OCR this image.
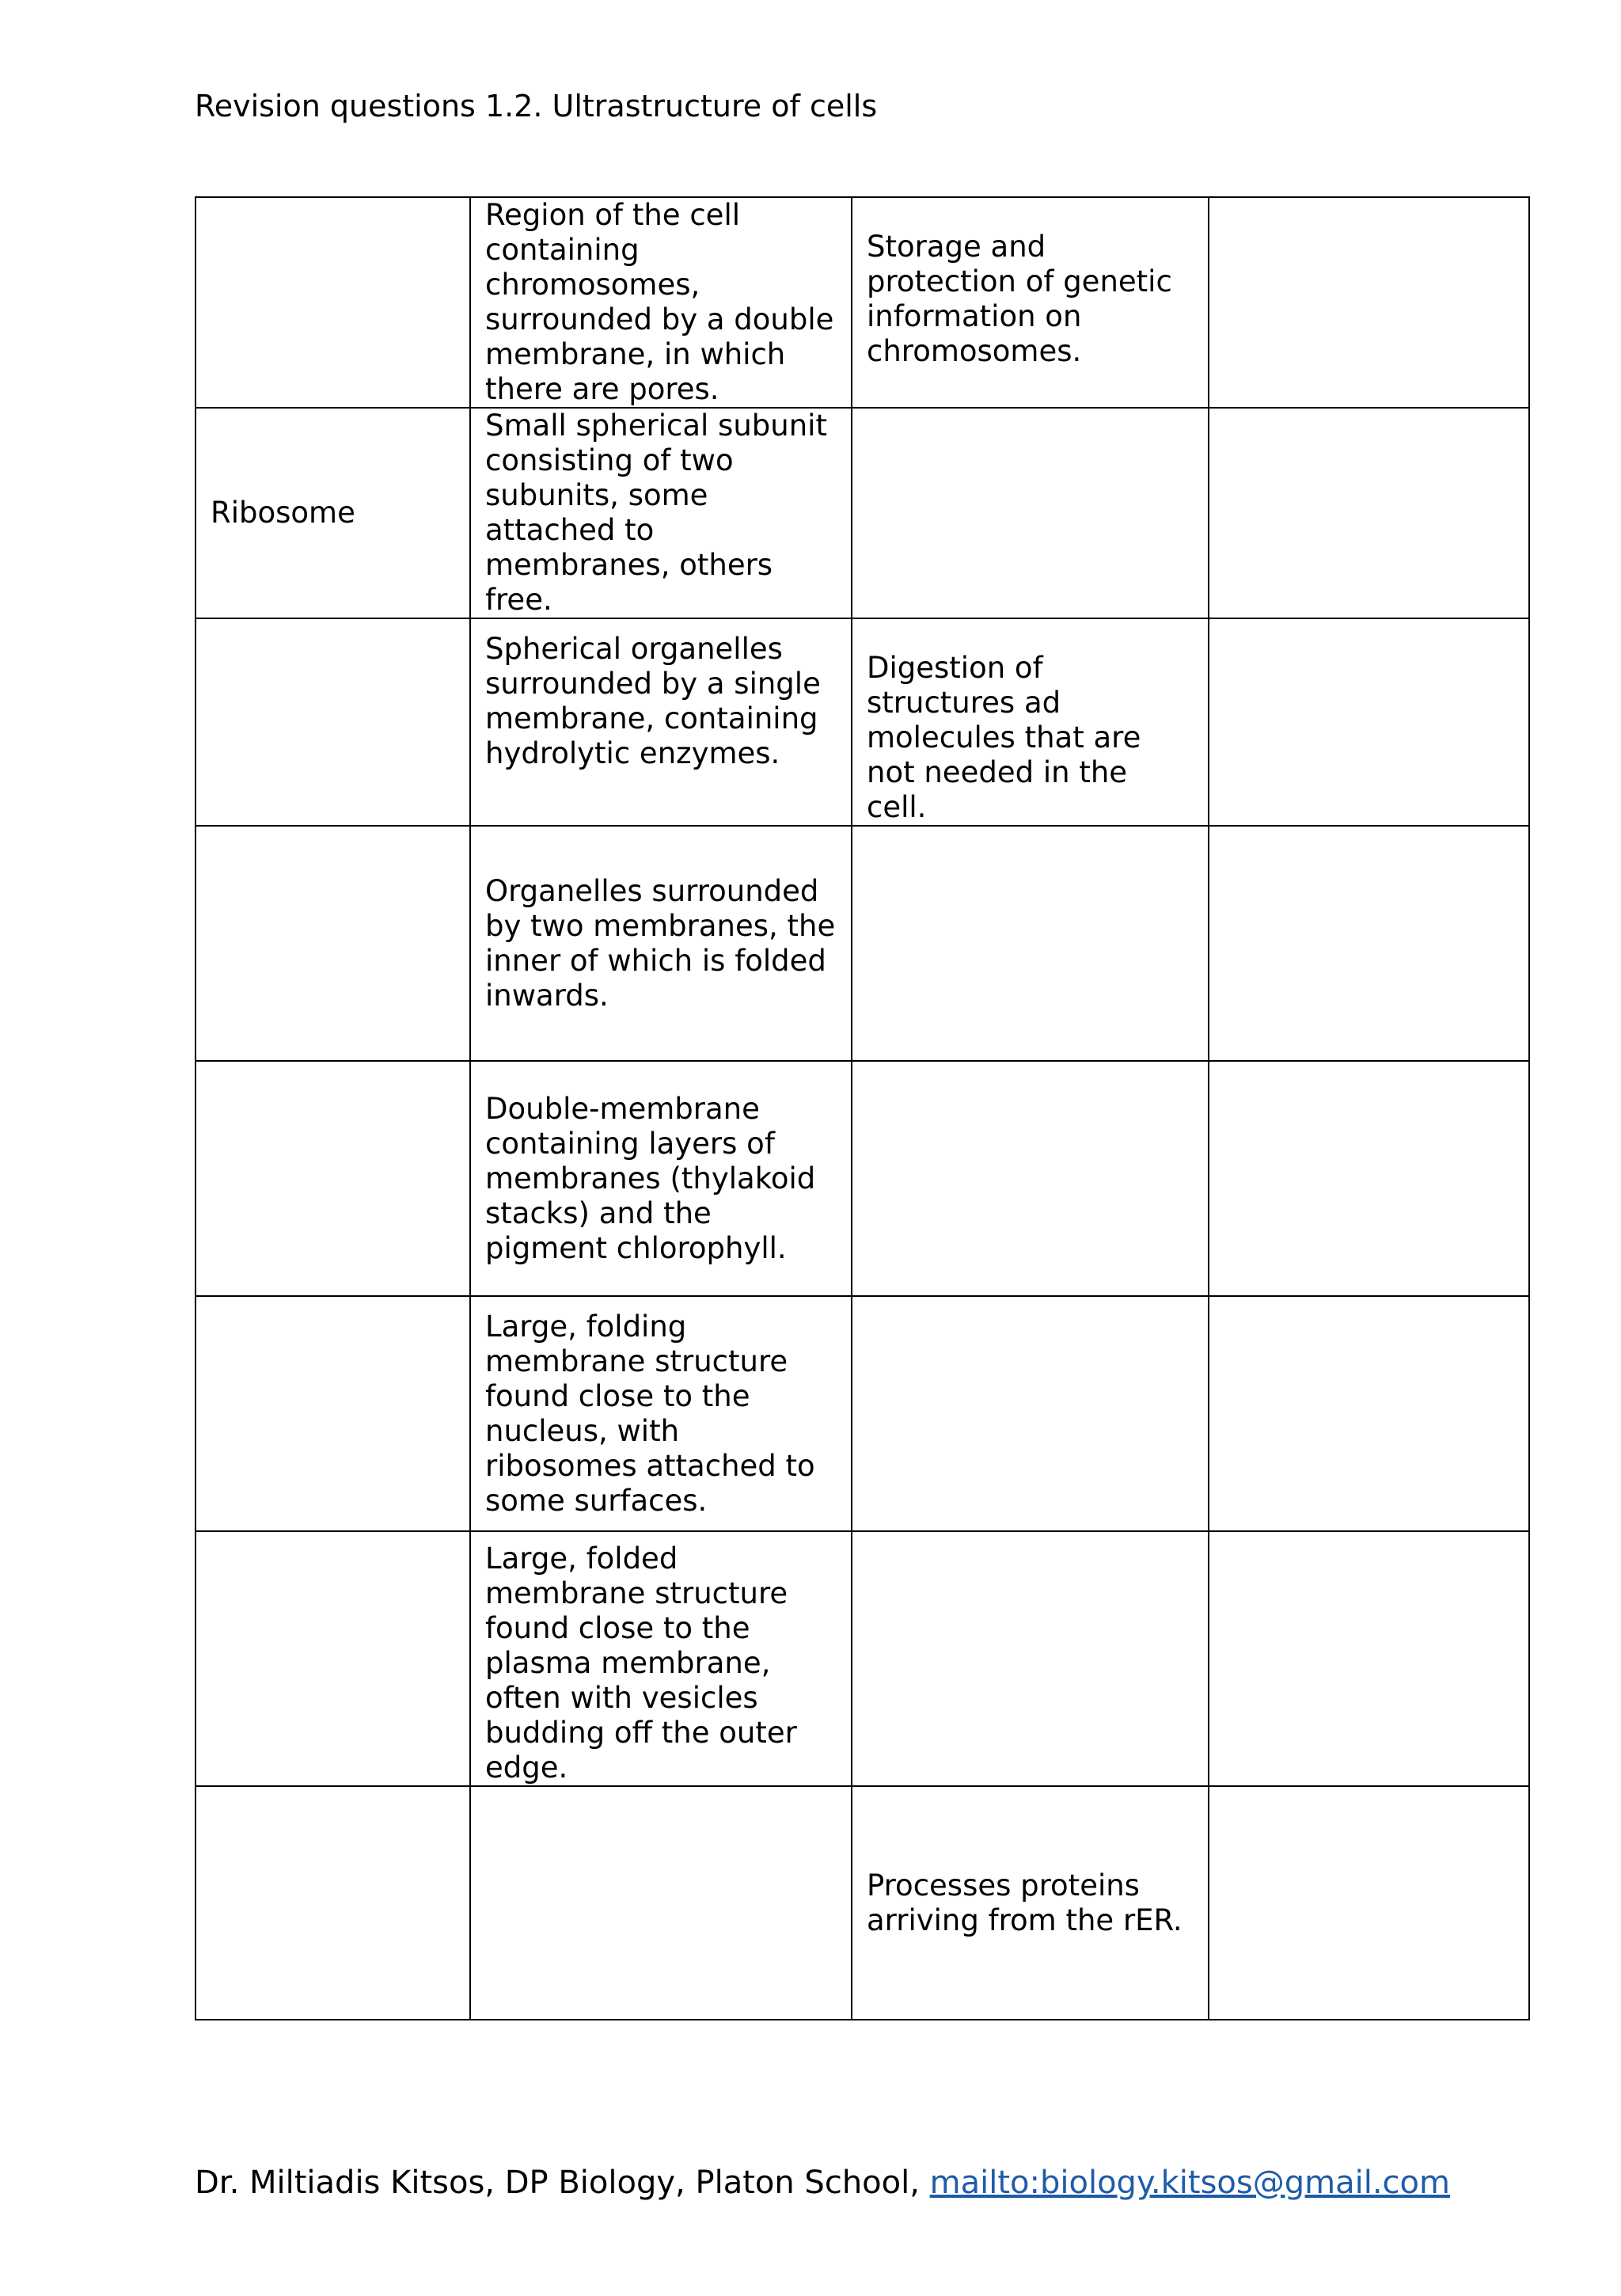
Revision questions 1.2. Ultrastructure of cells
	Region of the cell containing chromosomes, surrounded by a double membrane, in which there are pores.	Storage and protection of genetic information on chromosomes.	
Ribosome	Small spherical subunit consisting of two subunits, some attached to membranes, others free.		
	Spherical organelles surrounded by a single membrane, containing hydrolytic enzymes.	Digestion of structures ad molecules that are not needed in the cell.	
	Organelles surrounded by two membranes, the inner of which is folded inwards.		
	Double-membrane containing layers of membranes (thylakoid stacks) and the pigment chlorophyll.		
	Large, folding membrane structure found close to the nucleus, with ribosomes attached to some surfaces.		
	Large, folded membrane structure found close to the plasma membrane, often with vesicles budding off the outer edge.		
		Processes proteins arriving from the rER.	
Dr. Miltiadis Kitsos, DP Biology, Platon School, mailto:biology.kitsos@gmail.com
